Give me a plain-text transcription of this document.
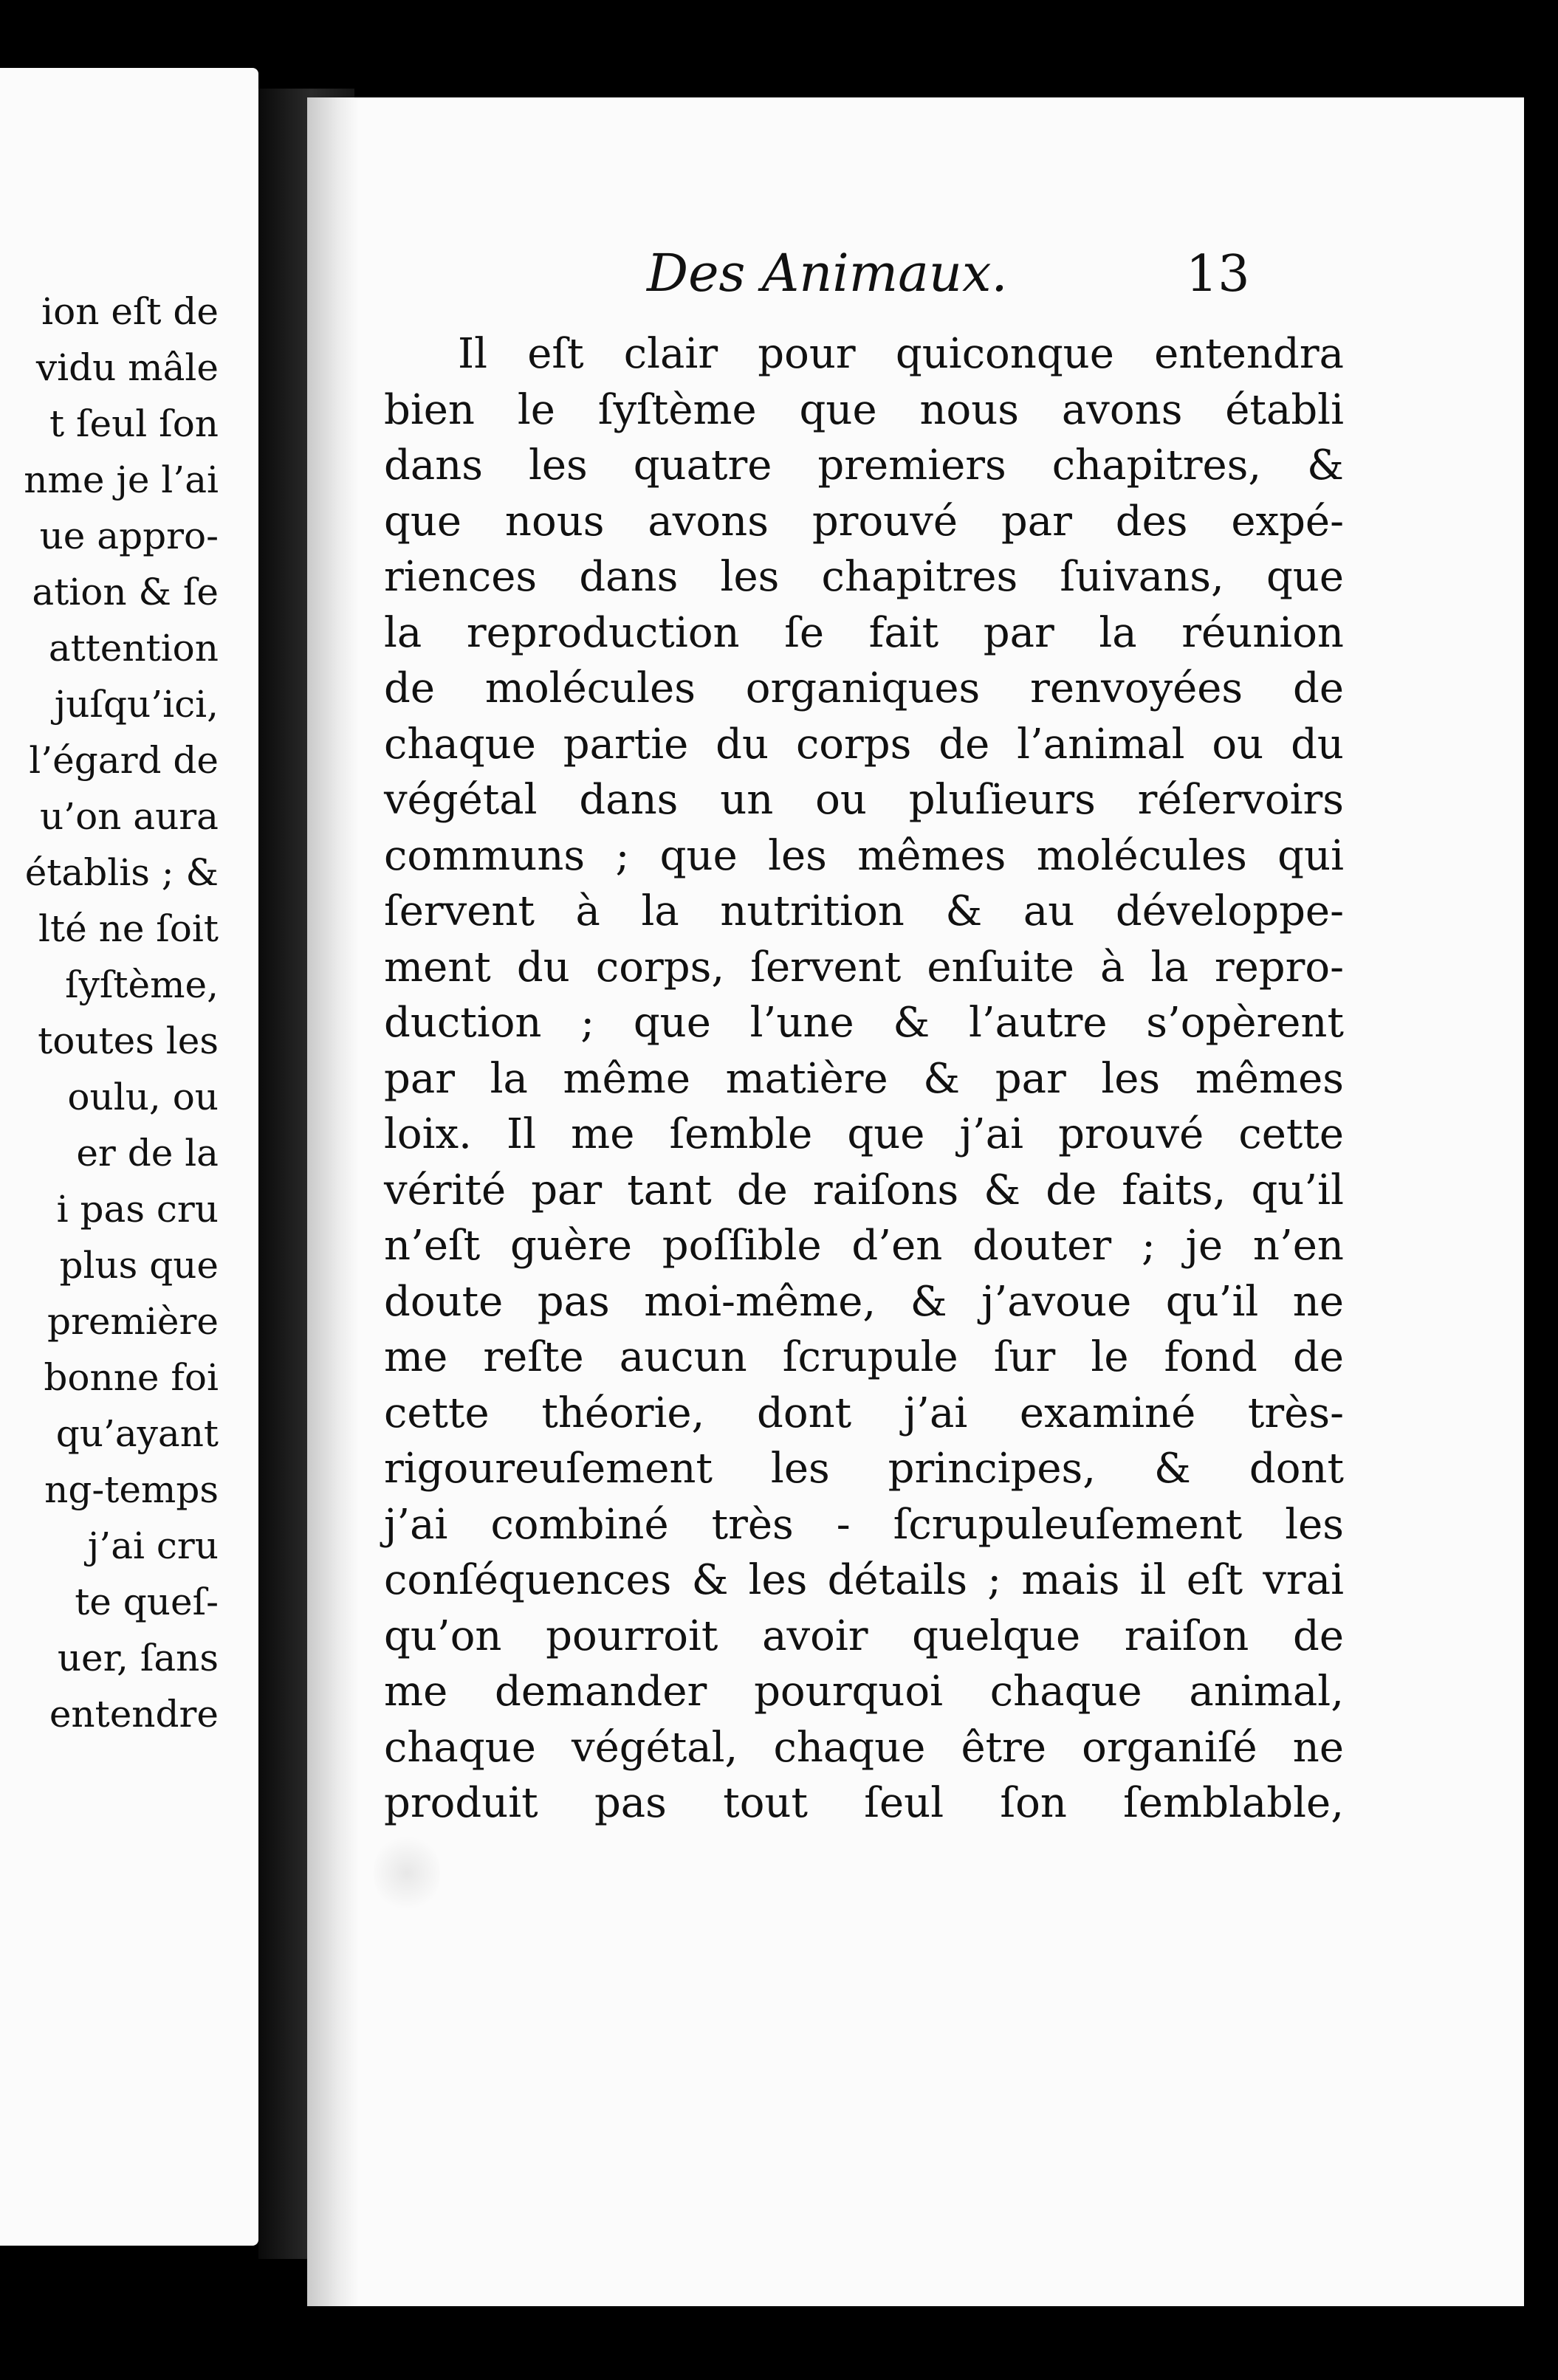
ion eſt de
vidu mâle
t ſeul ſon
nme je l’ai
ue appro-
ation & ſe
attention
juſqu’ici,
l’égard de
u’on aura
établis ; &
lté ne ſoit
ſyſtème,
toutes les
oulu, ou
er de la
i pas cru
plus que
première
bonne foi
qu’ayant
ng-temps
j’ai cru
te queſ-
uer, ſans
entendre
Des Animaux.	13
Il eſt clair pour quiconque entendra
bien le ſyſtème que nous avons établi
dans les quatre premiers chapitres, &
que nous avons prouvé par des expé-
riences dans les chapitres ſuivans, que
la reproduction ſe fait par la réunion
de molécules organiques renvoyées de
chaque partie du corps de l’animal ou du
végétal dans un ou pluſieurs réſervoirs
communs ; que les mêmes molécules qui
ſervent à la nutrition & au développe-
ment du corps, ſervent enſuite à la repro-
duction ; que l’une & l’autre s’opèrent
par la même matière & par les mêmes
loix. Il me ſemble que j’ai prouvé cette
vérité par tant de raiſons & de faits, qu’il
n’eſt guère poſſible d’en douter ; je n’en
doute pas moi-même, & j’avoue qu’il ne
me reſte aucun ſcrupule ſur le fond de
cette théorie, dont j’ai examiné très-
rigoureuſement les principes, & dont
j’ai combiné très - ſcrupuleuſement les
conſéquences & les détails ; mais il eſt vrai
qu’on pourroit avoir quelque raiſon de
me demander pourquoi chaque animal,
chaque végétal, chaque être organiſé ne
produit pas tout ſeul ſon ſemblable,
